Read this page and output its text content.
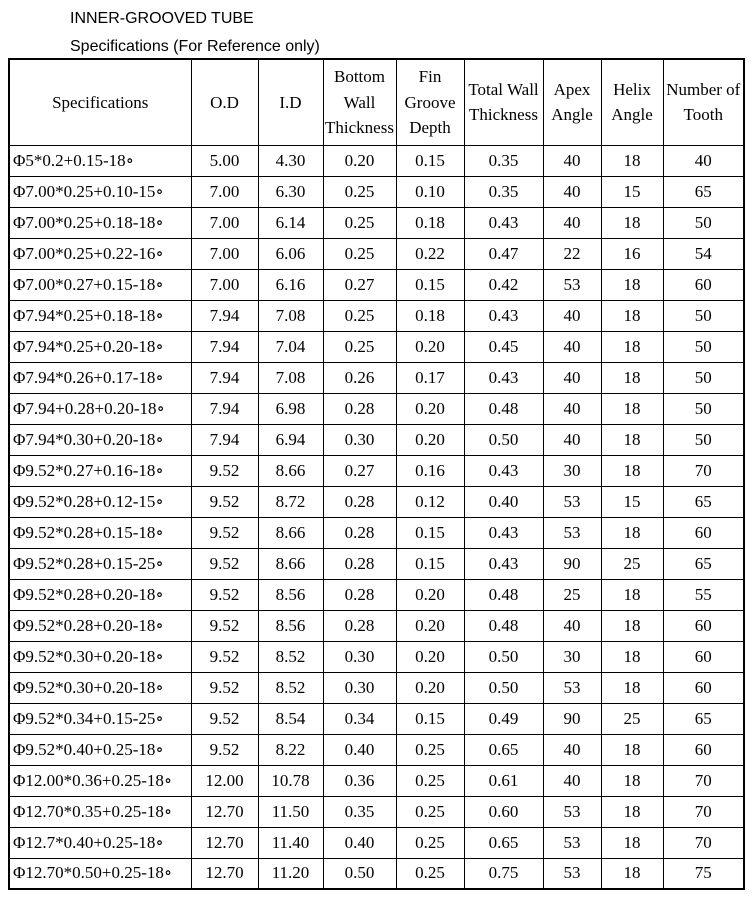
INNER-GROOVED TUBE
Specifications (For Reference only)
Specifications	O.D	I.D	Bottom Wall Thickness	Fin Groove Depth	Total Wall Thickness	Apex Angle	Helix Angle	Number of Tooth
Φ5*0.2+0.15-18∘	5.00	4.30	0.20	0.15	0.35	40	18	40
Φ7.00*0.25+0.10-15∘	7.00	6.30	0.25	0.10	0.35	40	15	65
Φ7.00*0.25+0.18-18∘	7.00	6.14	0.25	0.18	0.43	40	18	50
Φ7.00*0.25+0.22-16∘	7.00	6.06	0.25	0.22	0.47	22	16	54
Φ7.00*0.27+0.15-18∘	7.00	6.16	0.27	0.15	0.42	53	18	60
Φ7.94*0.25+0.18-18∘	7.94	7.08	0.25	0.18	0.43	40	18	50
Φ7.94*0.25+0.20-18∘	7.94	7.04	0.25	0.20	0.45	40	18	50
Φ7.94*0.26+0.17-18∘	7.94	7.08	0.26	0.17	0.43	40	18	50
Φ7.94+0.28+0.20-18∘	7.94	6.98	0.28	0.20	0.48	40	18	50
Φ7.94*0.30+0.20-18∘	7.94	6.94	0.30	0.20	0.50	40	18	50
Φ9.52*0.27+0.16-18∘	9.52	8.66	0.27	0.16	0.43	30	18	70
Φ9.52*0.28+0.12-15∘	9.52	8.72	0.28	0.12	0.40	53	15	65
Φ9.52*0.28+0.15-18∘	9.52	8.66	0.28	0.15	0.43	53	18	60
Φ9.52*0.28+0.15-25∘	9.52	8.66	0.28	0.15	0.43	90	25	65
Φ9.52*0.28+0.20-18∘	9.52	8.56	0.28	0.20	0.48	25	18	55
Φ9.52*0.28+0.20-18∘	9.52	8.56	0.28	0.20	0.48	40	18	60
Φ9.52*0.30+0.20-18∘	9.52	8.52	0.30	0.20	0.50	30	18	60
Φ9.52*0.30+0.20-18∘	9.52	8.52	0.30	0.20	0.50	53	18	60
Φ9.52*0.34+0.15-25∘	9.52	8.54	0.34	0.15	0.49	90	25	65
Φ9.52*0.40+0.25-18∘	9.52	8.22	0.40	0.25	0.65	40	18	60
Φ12.00*0.36+0.25-18∘	12.00	10.78	0.36	0.25	0.61	40	18	70
Φ12.70*0.35+0.25-18∘	12.70	11.50	0.35	0.25	0.60	53	18	70
Φ12.7*0.40+0.25-18∘	12.70	11.40	0.40	0.25	0.65	53	18	70
Φ12.70*0.50+0.25-18∘	12.70	11.20	0.50	0.25	0.75	53	18	75
